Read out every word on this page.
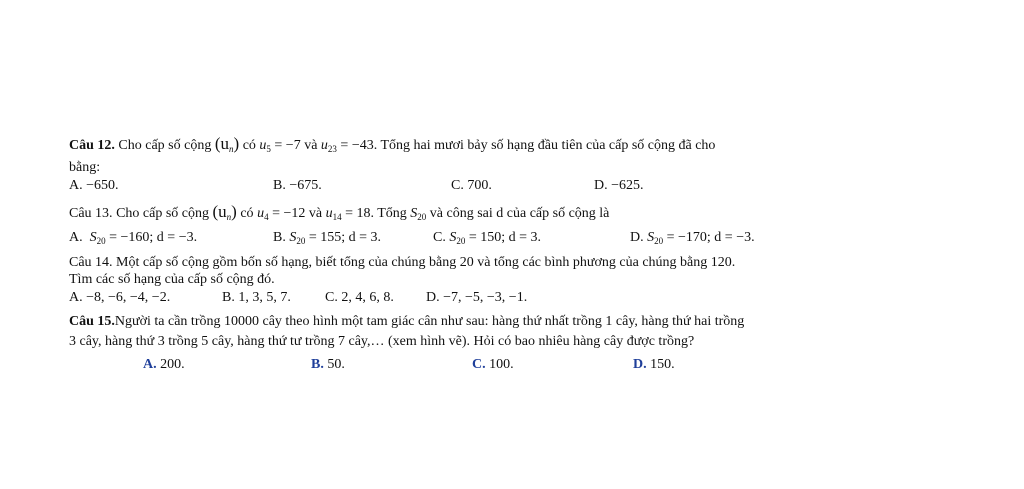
Câu 12. Cho cấp số cộng $(u_n)$ có $u_5 = -7$ và $u_{23} = -43$. Tổng hai mươi bảy số hạng đầu tiên của cấp số cộng đã cho
bằng:
A. −650.	B. −675.	C. 700.	D. −625.
Câu 13. Cho cấp số cộng $(u_n)$ có $u_4 = -12$ và $u_{14} = 18$. Tổng $S_{20}$ và công sai d của cấp số cộng là
A. $S_{20} = -160$; d = −3.	B. $S_{20} = 155$; d = 3.	C. $S_{20} = 150$; d = 3.	D. $S_{20} = -170$; d = −3.
Câu 14. Một cấp số cộng gồm bốn số hạng, biết tổng của chúng bằng 20 và tổng các bình phương của chúng bằng 120.
Tìm các số hạng của cấp số cộng đó.
A. −8, −6, −4, −2.	B. 1, 3, 5, 7. C. 2, 4, 6, 8. D. −7, −5, −3, −1.
Câu 15.Người ta cần trồng 10000 cây theo hình một tam giác cân như sau: hàng thứ nhất trồng 1 cây, hàng thứ hai trồng
3 cây, hàng thứ 3 trồng 5 cây, hàng thứ tư trồng 7 cây,… (xem hình vẽ). Hỏi có bao nhiêu hàng cây được trồng?
A. 200.	B. 50.	C. 100.	D. 150.
